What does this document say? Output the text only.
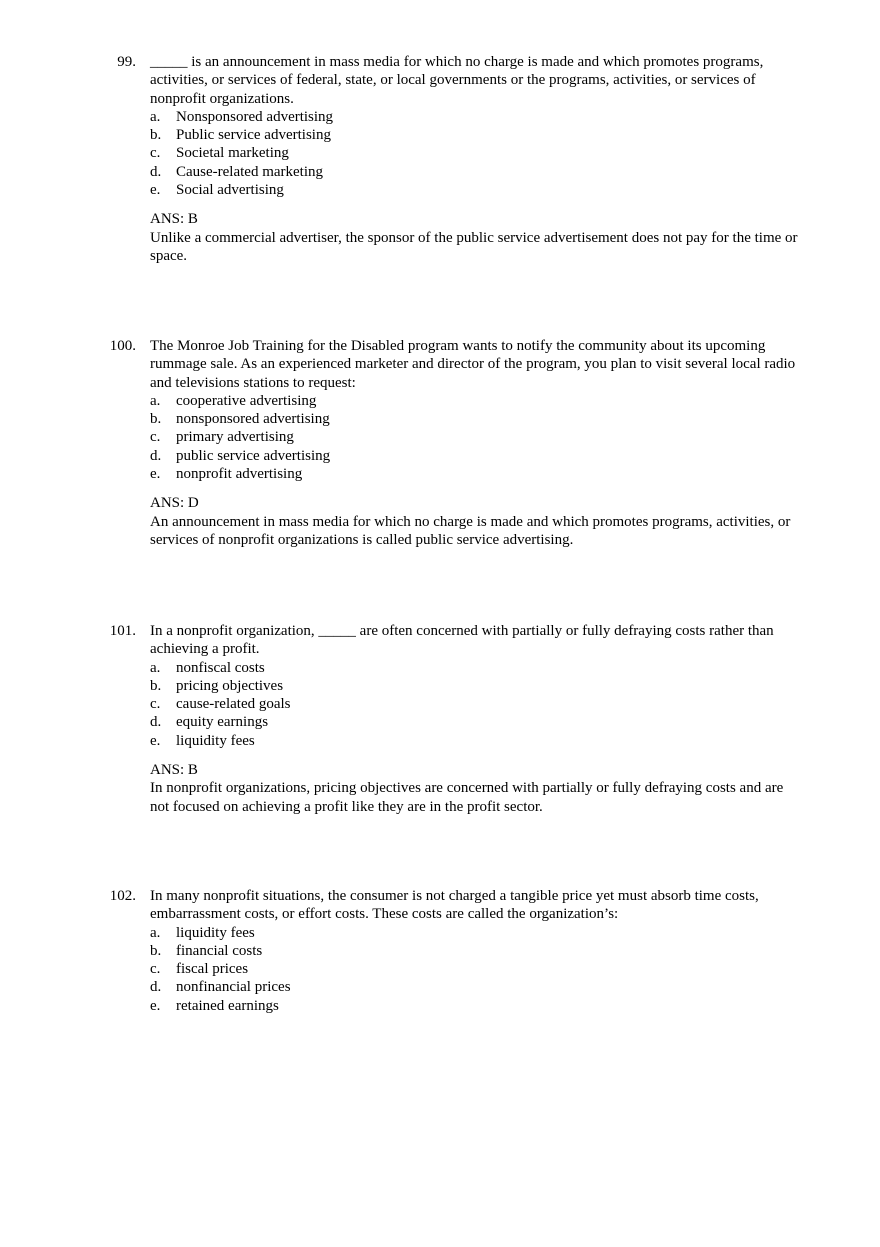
99. _____ is an announcement in mass media for which no charge is made and which promotes programs, activities, or services of federal, state, or local governments or the programs, activities, or services of nonprofit organizations.

a. Nonsponsored advertising
b. Public service advertising
c. Societal marketing
d. Cause-related marketing
e. Social advertising
ANS: B

Unlike a commercial advertiser, the sponsor of the public service advertisement does not pay for the time or space.

100. The Monroe Job Training for the Disabled program wants to notify the community about its upcoming rummage sale. As an experienced marketer and director of the program, you plan to visit several local radio and televisions stations to request:

a. cooperative advertising
b. nonsponsored advertising
c. primary advertising
d. public service advertising
e. nonprofit advertising
ANS: D

An announcement in mass media for which no charge is made and which promotes programs, activities, or services of nonprofit organizations is called public service advertising.

101. In a nonprofit organization, _____ are often concerned with partially or fully defraying costs rather than achieving a profit.

a. nonfiscal costs
b. pricing objectives
c. cause-related goals
d. equity earnings
e. liquidity fees
ANS: B

In nonprofit organizations, pricing objectives are concerned with partially or fully defraying costs and are not focused on achieving a profit like they are in the profit sector.

102. In many nonprofit situations, the consumer is not charged a tangible price yet must absorb time costs, embarrassment costs, or effort costs. These costs are called the organization’s:

a. liquidity fees
b. financial costs
c. fiscal prices
d. nonfinancial prices
e. retained earnings
